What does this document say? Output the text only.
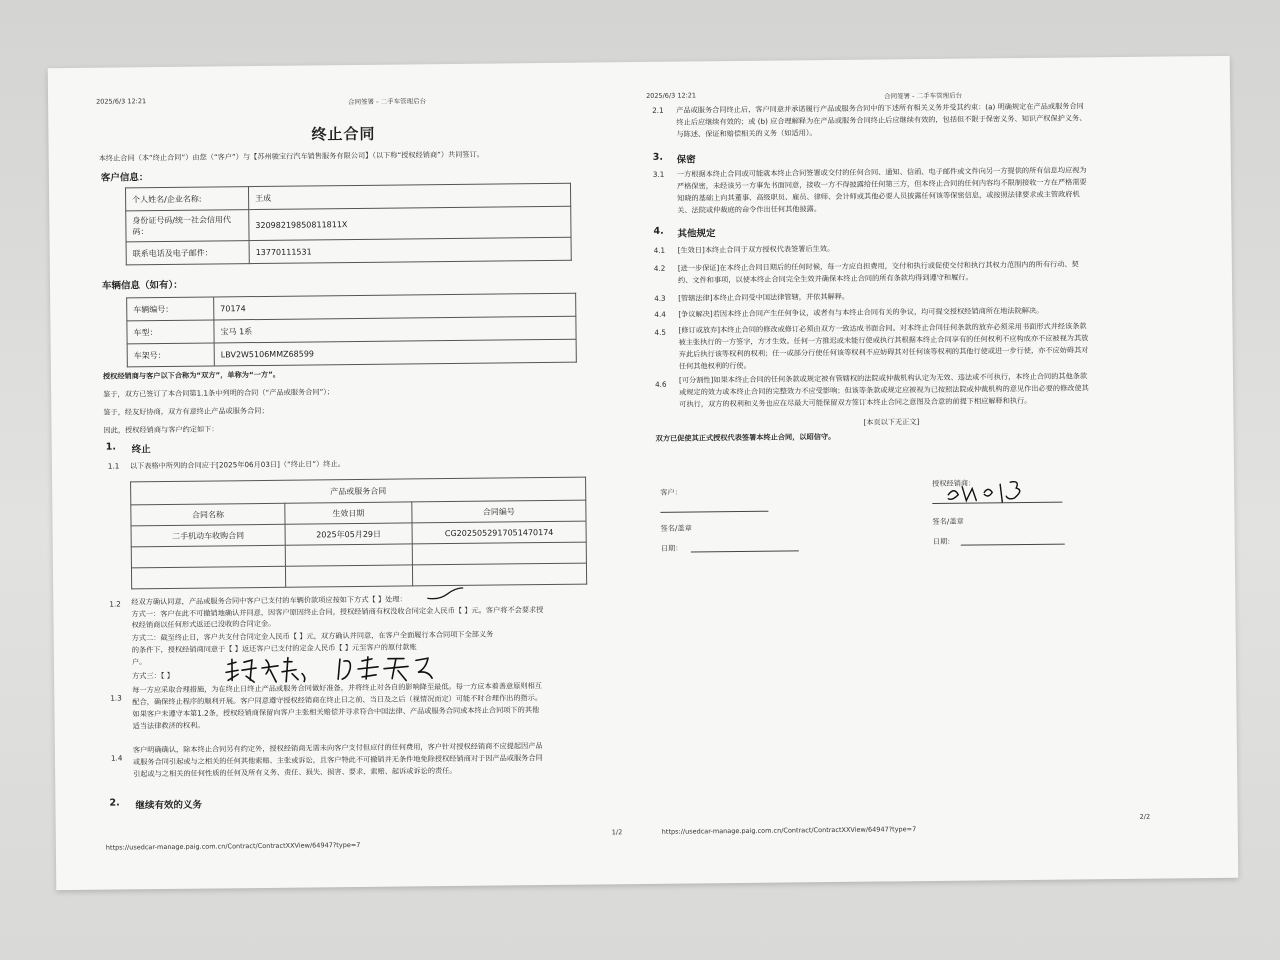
2025/6/3 12:21	合同签署 - 二手车管理后台
终止合同
本终止合同（本“终止合同”）由您（“客户”）与【苏州骏宝行汽车销售服务有限公司】（以下称“授权经销商”）共同签订。
客户信息：
个人姓名/企业名称:	王成
身份证号码/统一社会信用代码：	320982198508118​11X
联系电话及电子邮件：	13770111531
车辆信息（如有）：
车辆编号：	70174
车型：	宝马 1系
车架号：	LBV2W5106MMZ68599
授权经销商与客户以下合称为“双方”，单称为“一方”。
鉴于，双方已签订了本合同第1.1条中列明的合同（“产品或服务合同”）；
鉴于，经友好协商，双方有意终止产品或服务合同；
因此，授权经销商与客户约定如下：
1. 终止
1.1 以下表格中所列的合同应于[2025年06月03日]（“终止日”）终止。
产品或服务合同		
合同名称	生效日期	合同编号
二手机动车收购合同	2025年05月29日	CG2025052917051470174

1.2 经双方确认同意，产品或服务合同中客户已支付的车辆价款项应按如下方式【 】处理：
方式一：客户在此不可撤销地确认并同意，因客户原因终止合同，授权经销商有权没收合同定金人民币【 】元。客户将不会要求授
权经销商以任何形式返还已没收的合同定金。
方式二：截至终止日，客户共支付合同定金人民币【 】元，双方确认并同意，在客户全面履行本合同项下全部义务
的条件下，授权经销商同意于【 】返还客户已支付的定金人民币【 】元至客户的原付款账
户。
方式三：【 】
1.3
每一方应采取合理措施，为在终止日终止产品或服务合同做好准备，并将终止对各自的影响降至最低。每一方应本着善意原则相互
配合，确保终止程序的顺利开展。客户同意遵守授权经销商在终止日之前、当日及之后（视情况而定）可能不时合理作出的指示。
如果客户未遵守本第1.2条，授权经销商保留向客户主张相关赔偿并寻求符合中国法律、产品或服务合同或本终止合同项下的其他
适当法律救济的权利。
1.4
客户明确确认，除本终止合同另有约定外，授权经销商无需未向客户支付但应付的任何费用，客户针对授权经销商不应提起因产品
或服务合同引起或与之相关的任何其他索赔、主张或诉讼，且客户特此不可撤销并无条件地免除授权经销商对于因产品或服务合同
引起或与之相关的任何性质的任何及所有义务、责任、损失、损害、要求、索赔、起诉或诉讼的责任。
2. 继续有效的义务
https://usedcar-manage.paig.com.cn/Contract/ContractXXView/64947?type=7
1/2
2025/6/3 12:21	合同签署 - 二手车管理后台
2.1 产品或服务合同终止后，客户同意并承诺履行产品或服务合同中的下述所有相关义务并受其约束：(a) 明确规定在产品或服务合同
终止后应继续有效的；或 (b) 应合理解释为在产品或服务合同终止后应继续有效的，包括但不限于保密义务、知识产权保护义务、
与陈述、保证和赔偿相关的义务（如适用）。
3. 保密
3.1 一方根据本终止合同或可能就本终止合同签署或交付的任何合同、通知、信函、电子邮件或文件向另一方提供的所有信息均应视为
严格保密，未经该另一方事先书面同意，接收一方不得披露给任何第三方，但本终止合同的任何内容均不限制接收一方在严格需要
知晓的基础上向其董事、高级职员、雇员、律师、会计师或其他必要人员披露任何该等保密信息，或按照法律要求或主管政府机
关、法院或仲裁庭的命令作出任何其他披露。
4. 其他规定
4.1 [生效日]本终止合同于双方授权代表签署后生效。
4.2 [进一步保证]在本终止合同日期后的任何时候，每一方应自担费用，交付和执行或促使交付和执行其权力范围内的所有行动、契
约、文件和事项，以使本终止合同完全生效并确保本终止合同的所有条款均得到遵守和履行。
4.3 [管辖法律]本终止合同受中国法律管辖，并依其解释。
4.4 [争议解决]若因本终止合同产生任何争议，或者有与本终止合同有关的争议，均可提交授权经销商所在地法院解决。
4.5 [修订或放弃]本终止合同的修改或修订必须由双方一致达成书面合同。对本终止合同任何条款的放弃必须采用书面形式并经该条款
被主张执行的一方签字，方才生效。任何一方推迟或未能行使或执行其根据本终止合同享有的任何权利不应构成亦不应被视为其放
弃此后执行该等权利的权利；任一或部分行使任何该等权利不应妨碍其对任何该等权利的其他行使或进一步行使，亦不应妨碍其对
任何其他权利的行使。
4.6 [可分割性]如果本终止合同的任何条款或规定被有管辖权的法院或仲裁机构认定为无效、违法或不可执行，本终止合同的其他条款
或规定的效力或本终止合同的完整效力不应受影响；但该等条款或规定应被视为已按照法院或仲裁机构的意见作出必要的修改使其
可执行，双方的权利和义务也应在尽最大可能保留双方签订本终止合同之意图及合意的前提下相应解释和执行。
[本页以下无正文]
双方已促使其正式授权代表签署本终止合同，以昭信守。
客户：
签名/盖章
日期：
授权经销商：
签名/盖章
日期：
https://usedcar-manage.paig.com.cn/Contract/ContractXXView/64947?type=7
2/2
